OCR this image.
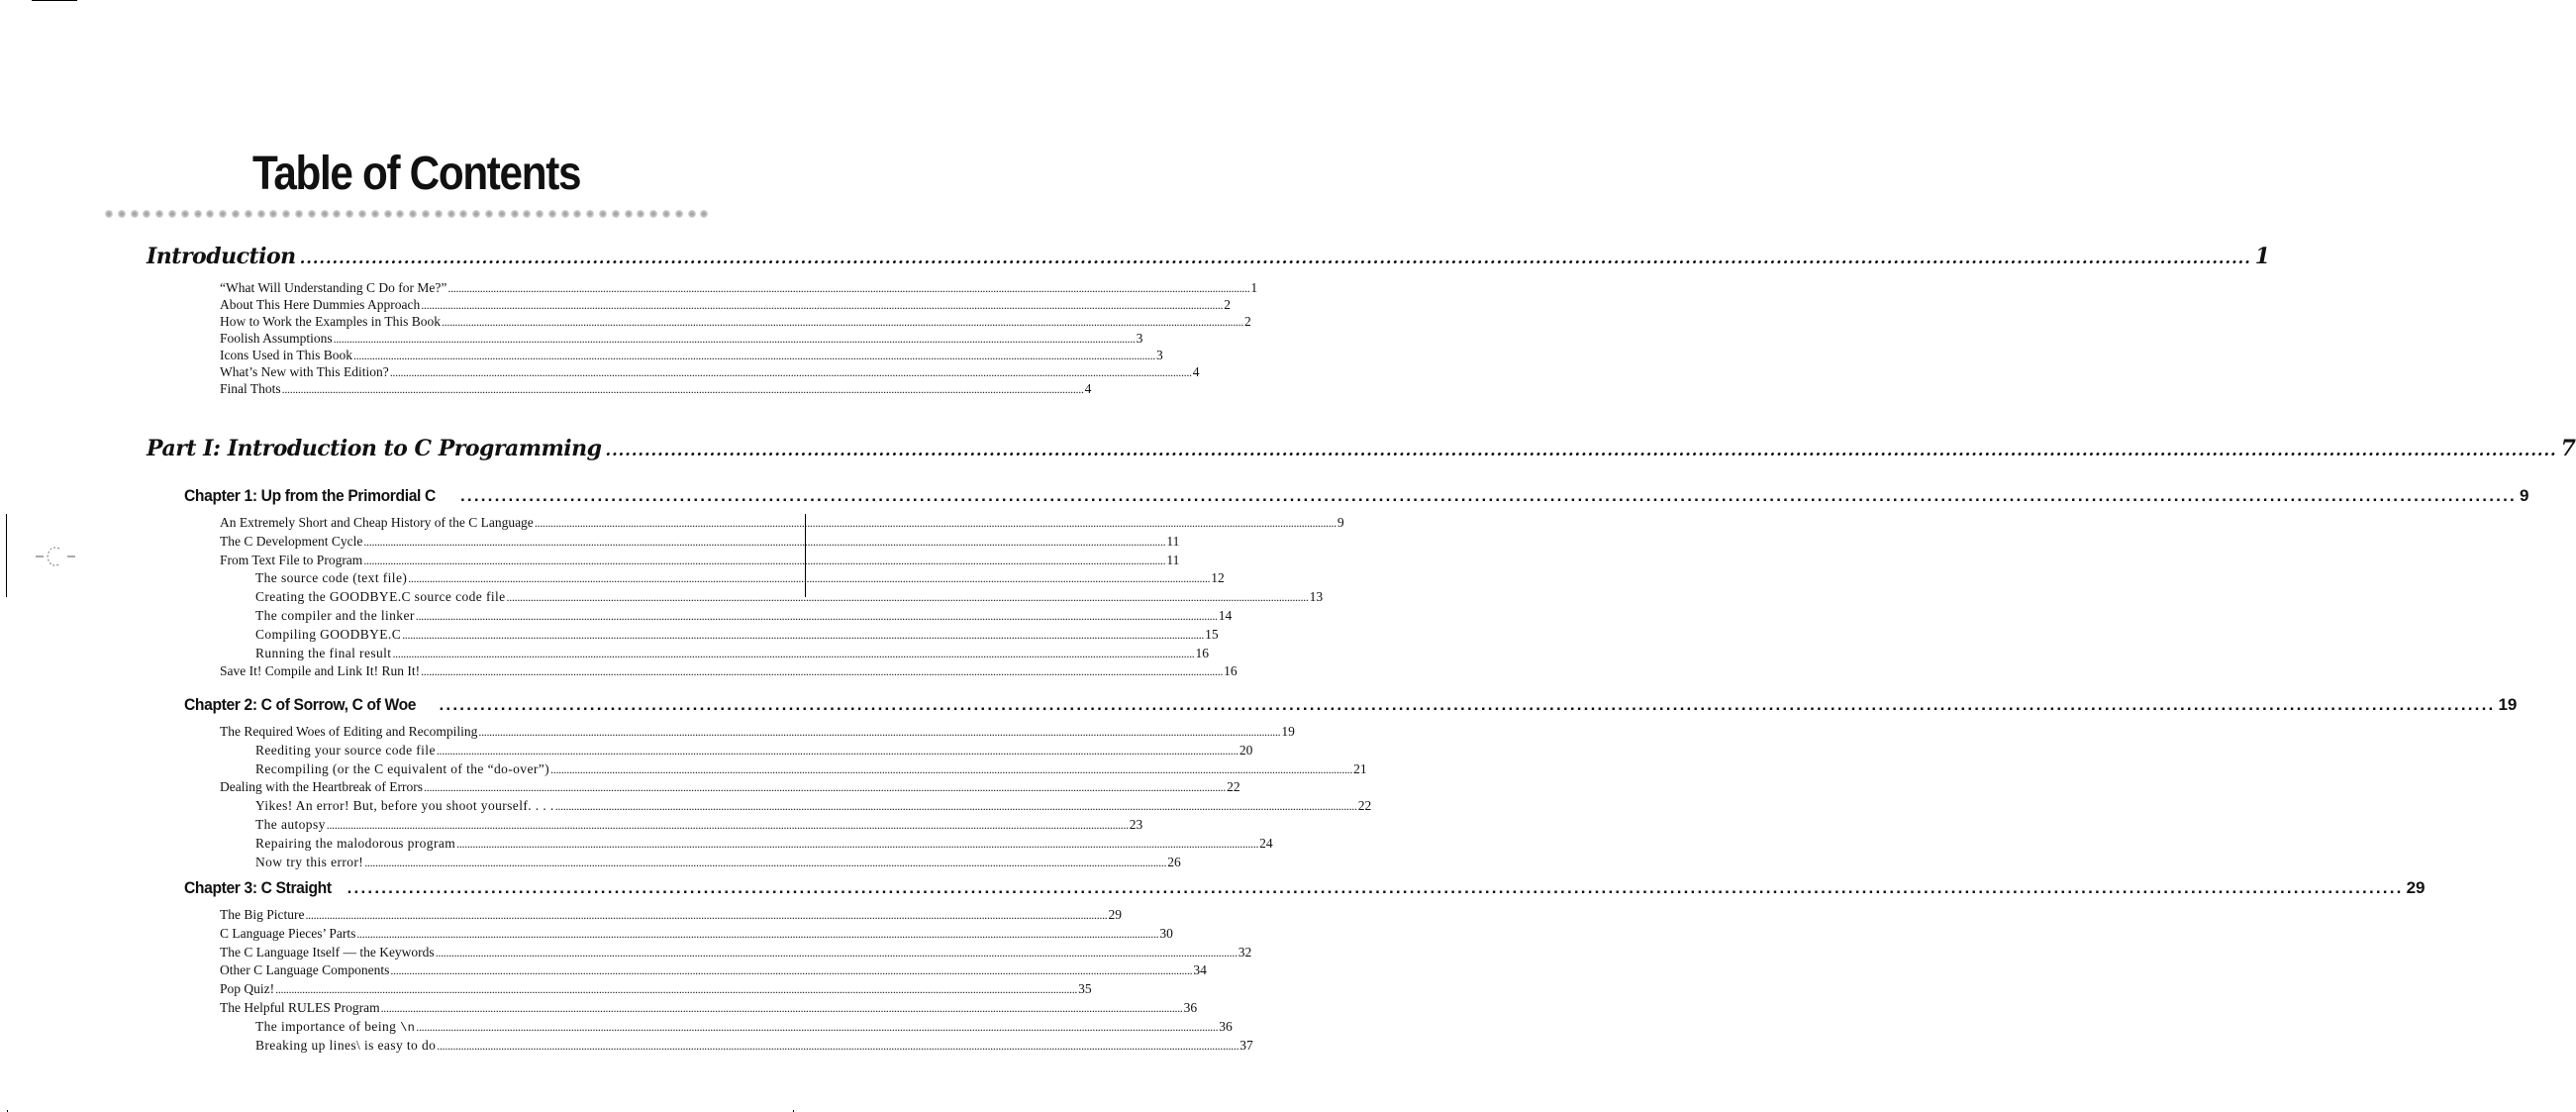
Table of Contents
Introduction ............................................................................................................................................................................................................................................................................................................ 1
“What Will Understanding C Do for Me?” ............................................................................................................................................................................................................................................................................................................ 1
About This Here Dummies Approach ............................................................................................................................................................................................................................................................................................................ 2
How to Work the Examples in This Book ............................................................................................................................................................................................................................................................................................................ 2
Foolish Assumptions ............................................................................................................................................................................................................................................................................................................ 3
Icons Used in This Book ............................................................................................................................................................................................................................................................................................................ 3
What’s New with This Edition? ............................................................................................................................................................................................................................................................................................................ 4
Final Thots ............................................................................................................................................................................................................................................................................................................ 4
Part I: Introduction to C Programming ............................................................................................................................................................................................................................................................................................................ 7
Chapter 1: Up from the Primordial C ............................................................................................................................................................................................................................................................................................................ 9
An Extremely Short and Cheap History of the C Language ............................................................................................................................................................................................................................................................................................................ 9
The C Development Cycle ............................................................................................................................................................................................................................................................................................................ 11
From Text File to Program ............................................................................................................................................................................................................................................................................................................ 11
The source code (text file) ............................................................................................................................................................................................................................................................................................................ 12
Creating the GOODBYE.C source code file ............................................................................................................................................................................................................................................................................................................ 13
The compiler and the linker ............................................................................................................................................................................................................................................................................................................ 14
Compiling GOODBYE.C ............................................................................................................................................................................................................................................................................................................ 15
Running the final result ............................................................................................................................................................................................................................................................................................................ 16
Save It! Compile and Link It! Run It! ............................................................................................................................................................................................................................................................................................................ 16
Chapter 2: C of Sorrow, C of Woe ............................................................................................................................................................................................................................................................................................................ 19
The Required Woes of Editing and Recompiling ............................................................................................................................................................................................................................................................................................................ 19
Reediting your source code file ............................................................................................................................................................................................................................................................................................................ 20
Recompiling (or the C equivalent of the “do-over”) ............................................................................................................................................................................................................................................................................................................ 21
Dealing with the Heartbreak of Errors ............................................................................................................................................................................................................................................................................................................ 22
Yikes! An error! But, before you shoot yourself. . . . ............................................................................................................................................................................................................................................................................................................ 22
The autopsy ............................................................................................................................................................................................................................................................................................................ 23
Repairing the malodorous program ............................................................................................................................................................................................................................................................................................................ 24
Now try this error! ............................................................................................................................................................................................................................................................................................................ 26
Chapter 3: C Straight ............................................................................................................................................................................................................................................................................................................ 29
The Big Picture ............................................................................................................................................................................................................................................................................................................ 29
C Language Pieces’ Parts ............................................................................................................................................................................................................................................................................................................ 30
The C Language Itself — the Keywords ............................................................................................................................................................................................................................................................................................................ 32
Other C Language Components ............................................................................................................................................................................................................................................................................................................ 34
Pop Quiz! ............................................................................................................................................................................................................................................................................................................ 35
The Helpful RULES Program ............................................................................................................................................................................................................................................................................................................ 36
The importance of being \n ............................................................................................................................................................................................................................................................................................................ 36
Breaking up lines\ is easy to do ............................................................................................................................................................................................................................................................................................................ 37
